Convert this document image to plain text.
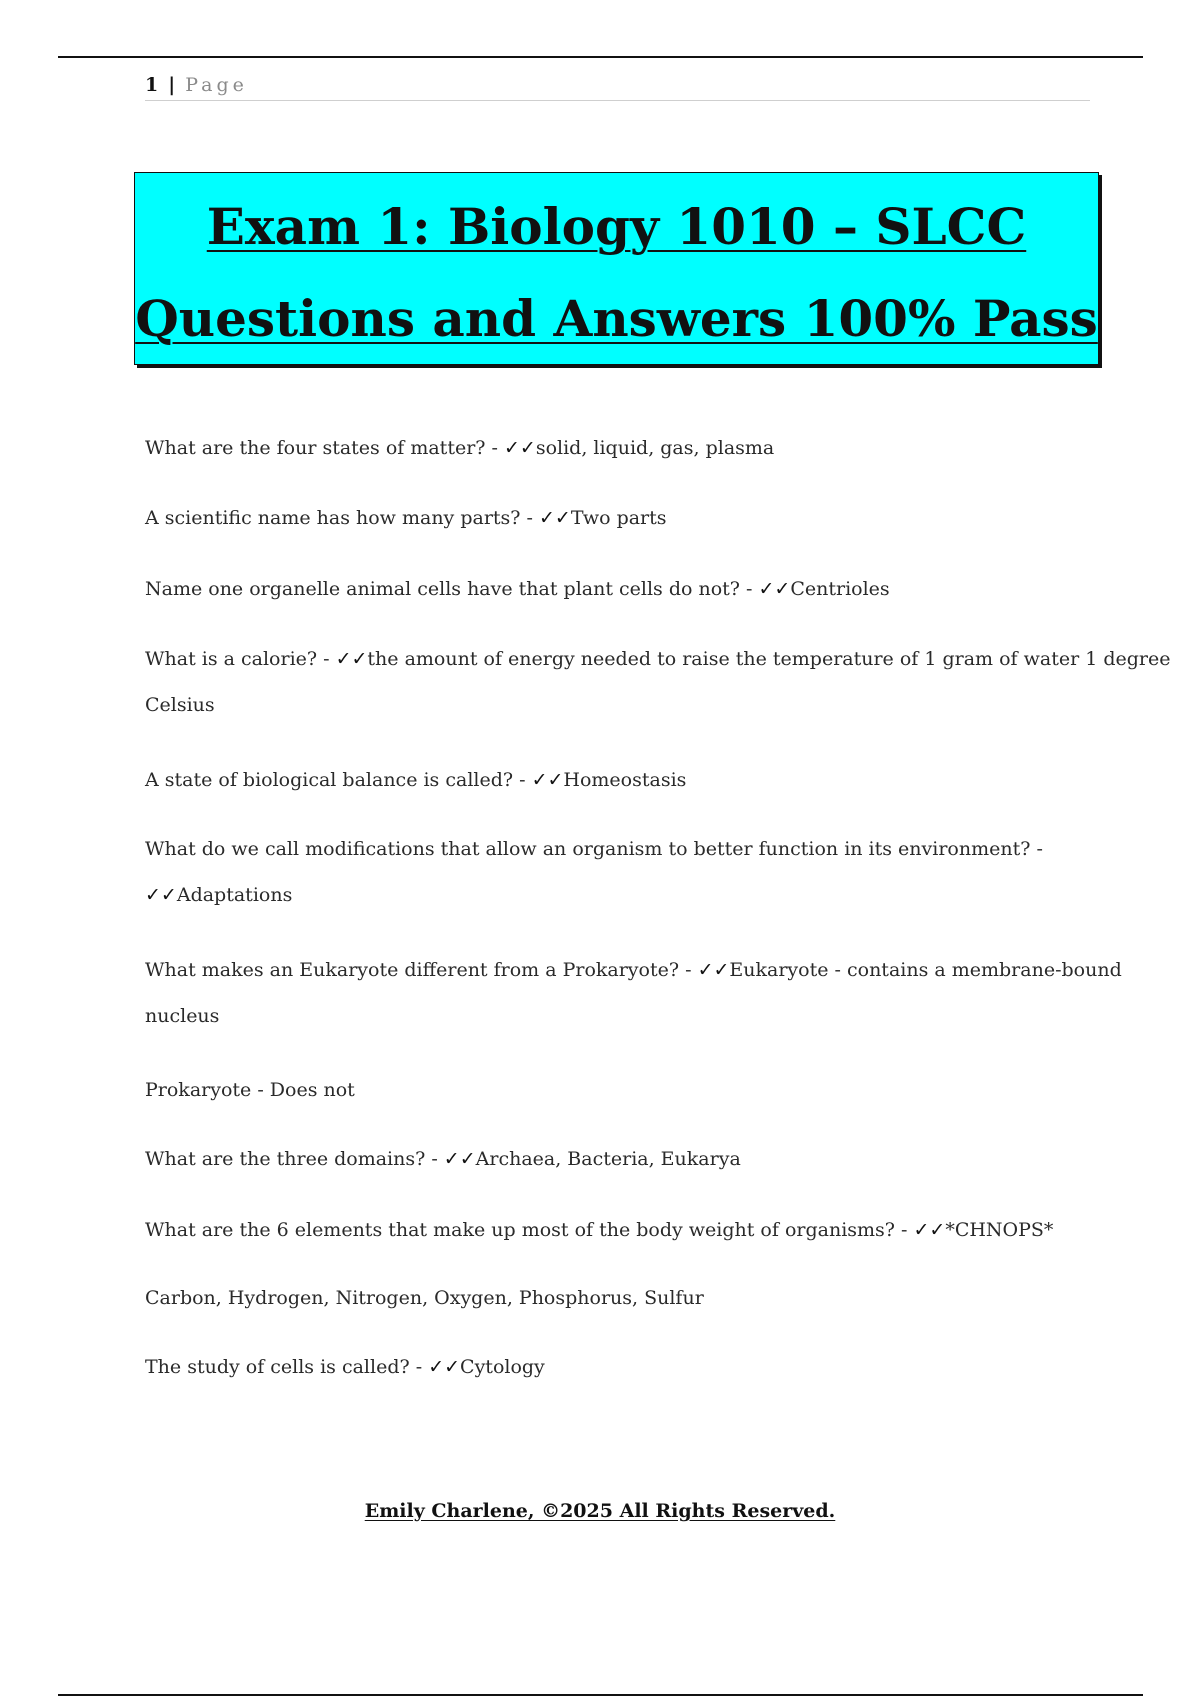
1 | Page
Exam 1: Biology 1010 – SLCC
Questions and Answers 100% Pass
What are the four states of matter? - ✓✓solid, liquid, gas, plasma
A scientific name has how many parts? - ✓✓Two parts
Name one organelle animal cells have that plant cells do not? - ✓✓Centrioles
What is a calorie? - ✓✓the amount of energy needed to raise the temperature of 1 gram of water 1 degree
Celsius
A state of biological balance is called? - ✓✓Homeostasis
What do we call modifications that allow an organism to better function in its environment? -
✓✓Adaptations
What makes an Eukaryote different from a Prokaryote? - ✓✓Eukaryote - contains a membrane-bound
nucleus
Prokaryote - Does not
What are the three domains? - ✓✓Archaea, Bacteria, Eukarya
What are the 6 elements that make up most of the body weight of organisms? - ✓✓*CHNOPS*
Carbon, Hydrogen, Nitrogen, Oxygen, Phosphorus, Sulfur
The study of cells is called? - ✓✓Cytology
Emily Charlene, ©2025 All Rights Reserved.
